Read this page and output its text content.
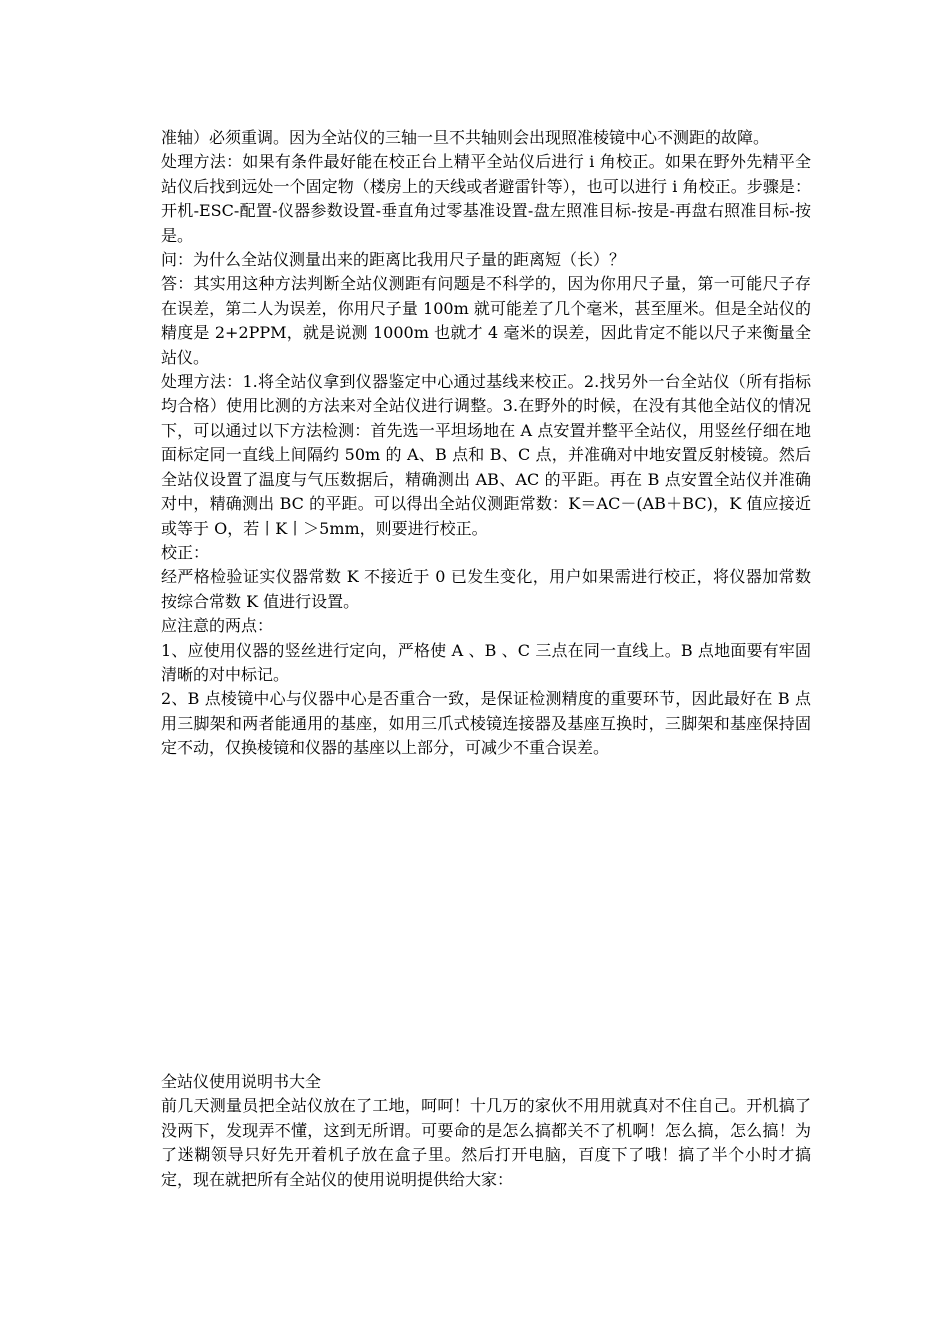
准轴）必须重调。因为全站仪的三轴一旦不共轴则会出现照准棱镜中心不测距的故障。

处理方法：如果有条件最好能在校正台上精平全站仪后进行 i 角校正。如果在野外先精平全站仪后找到远处一个固定物（楼房上的天线或者避雷针等），也可以进行 i 角校正。步骤是：开机-ESC-配置-仪器参数设置-垂直角过零基准设置-盘左照准目标-按是-再盘右照准目标-按是。

问：为什么全站仪测量出来的距离比我用尺子量的距离短（长）？

答：其实用这种方法判断全站仪测距有问题是不科学的，因为你用尺子量，第一可能尺子存在误差，第二人为误差，你用尺子量 100m 就可能差了几个毫米，甚至厘米。但是全站仪的精度是 2+2PPM，就是说测 1000m 也就才 4 毫米的误差，因此肯定不能以尺子来衡量全站仪。

处理方法：1.将全站仪拿到仪器鉴定中心通过基线来校正。2.找另外一台全站仪（所有指标均合格）使用比测的方法来对全站仪进行调整。3.在野外的时候，在没有其他全站仪的情况下，可以通过以下方法检测：首先选一平坦场地在 A 点安置并整平全站仪，用竖丝仔细在地面标定同一直线上间隔约 50m 的 A、B 点和 B、C 点，并准确对中地安置反射棱镜。然后全站仪设置了温度与气压数据后，精确测出 AB、AC 的平距。再在 B 点安置全站仪并准确对中，精确测出 BC 的平距。可以得出全站仪测距常数：K＝AC－(AB＋BC)，K 值应接近或等于 O，若丨K丨＞5mm，则要进行校正。

校正：

经严格检验证实仪器常数 K 不接近于 0 已发生变化，用户如果需进行校正，将仪器加常数按综合常数 K 值进行设置。

应注意的两点：

1、应使用仪器的竖丝进行定向，严格使 A 、B 、C 三点在同一直线上。B 点地面要有牢固清晰的对中标记。

2、B 点棱镜中心与仪器中心是否重合一致，是保证检测精度的重要环节，因此最好在 B 点用三脚架和两者能通用的基座，如用三爪式棱镜连接器及基座互换时，三脚架和基座保持固定不动，仅换棱镜和仪器的基座以上部分，可减少不重合误差。

全站仪使用说明书大全

前几天测量员把全站仪放在了工地，呵呵！十几万的家伙不用用就真对不住自己。开机搞了没两下，发现弄不懂，这到无所谓。可要命的是怎么搞都关不了机啊！怎么搞，怎么搞！为了迷糊领导只好先开着机子放在盒子里。然后打开电脑，百度下了哦！搞了半个小时才搞定，现在就把所有全站仪的使用说明提供给大家：
